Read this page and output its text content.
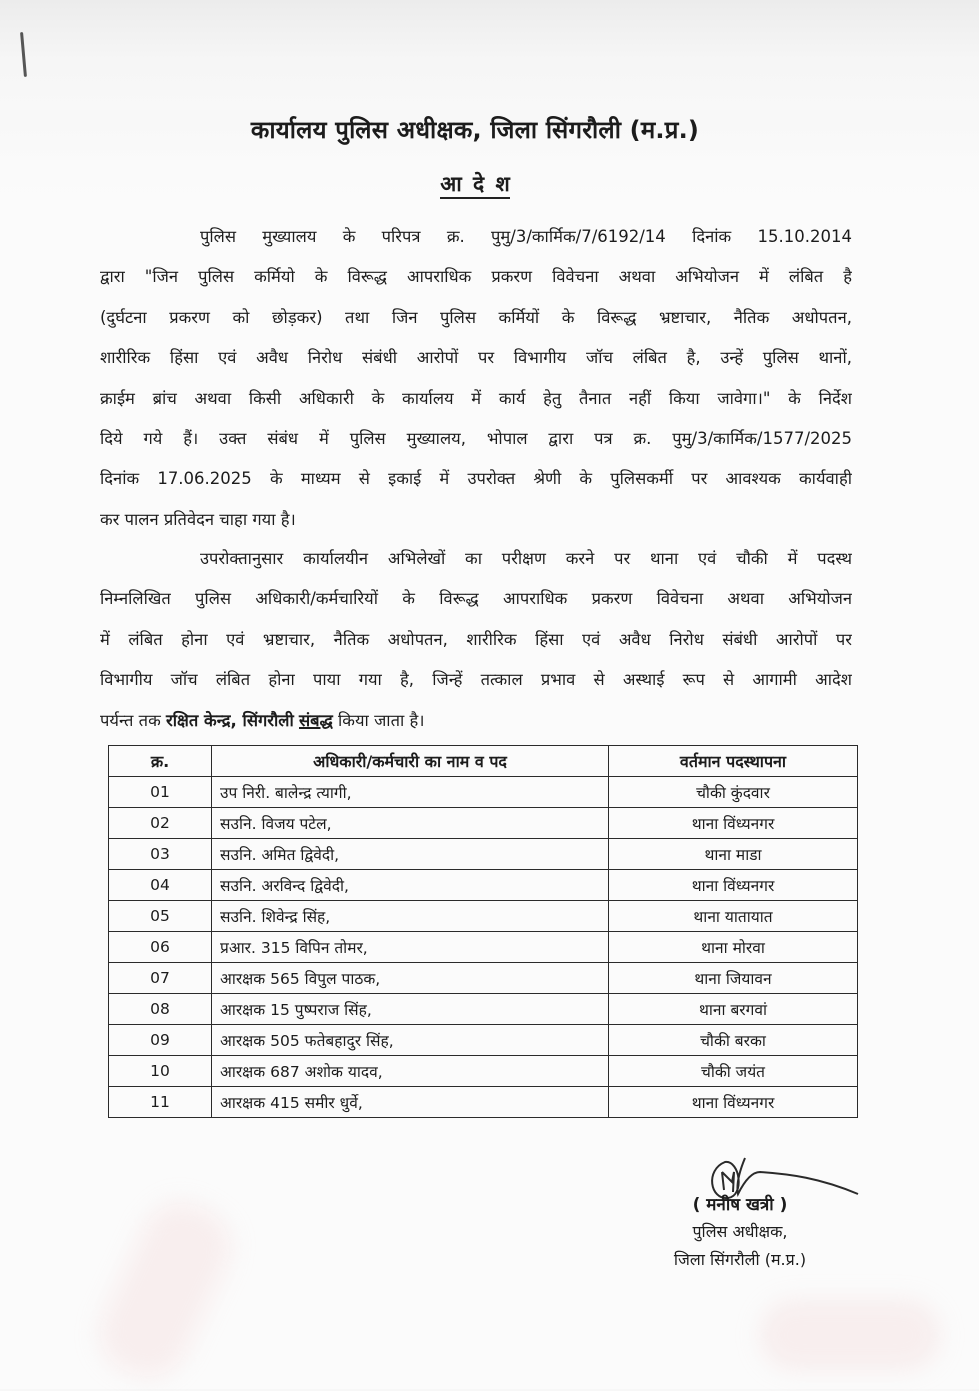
कार्यालय पुलिस अधीक्षक, जिला सिंगरौली (म.प्र.)
आ दे श
पुलिस मुख्यालय के परिपत्र क्र. पुमु/3/कार्मिक/7/6192/14 दिनांक 15.10.2014
द्वारा "जिन पुलिस कर्मियो के विरूद्ध आपराधिक प्रकरण विवेचना अथवा अभियोजन में लंबित है
(दुर्घटना प्रकरण को छोड़कर) तथा जिन पुलिस कर्मियों के विरूद्ध भ्रष्टाचार, नैतिक अधोपतन,
शारीरिक हिंसा एवं अवैध निरोध संबंधी आरोपों पर विभागीय जॉच लंबित है, उन्हें पुलिस थानों,
क्राईम ब्रांच अथवा किसी अधिकारी के कार्यालय में कार्य हेतु तैनात नहीं किया जावेगा।" के निर्देश
दिये गये हैं। उक्त संबंध में पुलिस मुख्यालय, भोपाल द्वारा पत्र क्र. पुमु/3/कार्मिक/1577/2025
दिनांक 17.06.2025 के माध्यम से इकाई में उपरोक्त श्रेणी के पुलिसकर्मी पर आवश्यक कार्यवाही
कर पालन प्रतिवेदन चाहा गया है।
उपरोक्तानुसार कार्यालयीन अभिलेखों का परीक्षण करने पर थाना एवं चौकी में पदस्थ
निम्नलिखित पुलिस अधिकारी/कर्मचारियों के विरूद्ध आपराधिक प्रकरण विवेचना अथवा अभियोजन
में लंबित होना एवं भ्रष्टाचार, नैतिक अधोपतन, शारीरिक हिंसा एवं अवैध निरोध संबंधी आरोपों पर
विभागीय जॉच लंबित होना पाया गया है, जिन्हें तत्काल प्रभाव से अस्थाई रूप से आगामी आदेश
पर्यन्त तक रक्षित केन्द्र, सिंगरौली संबद्ध किया जाता है।
क्र.	अधिकारी/कर्मचारी का नाम व पद	वर्तमान पदस्थापना
01	उप निरी. बालेन्द्र त्यागी,	चौकी कुंदवार
02	सउनि. विजय पटेल,	थाना विंध्यनगर
03	सउनि. अमित द्विवेदी,	थाना माडा
04	सउनि. अरविन्द द्विवेदी,	थाना विंध्यनगर
05	सउनि. शिवेन्द्र सिंह,	थाना यातायात
06	प्रआर. 315 विपिन तोमर,	थाना मोरवा
07	आरक्षक 565 विपुल पाठक,	थाना जियावन
08	आरक्षक 15 पुष्पराज सिंह,	थाना बरगवां
09	आरक्षक 505 फतेबहादुर सिंह,	चौकी बरका
10	आरक्षक 687 अशोक यादव,	चौकी जयंत
11	आरक्षक 415 समीर धुर्वे,	थाना विंध्यनगर
( मनीष खत्री )
पुलिस अधीक्षक,
जिला सिंगरौली (म.प्र.)
